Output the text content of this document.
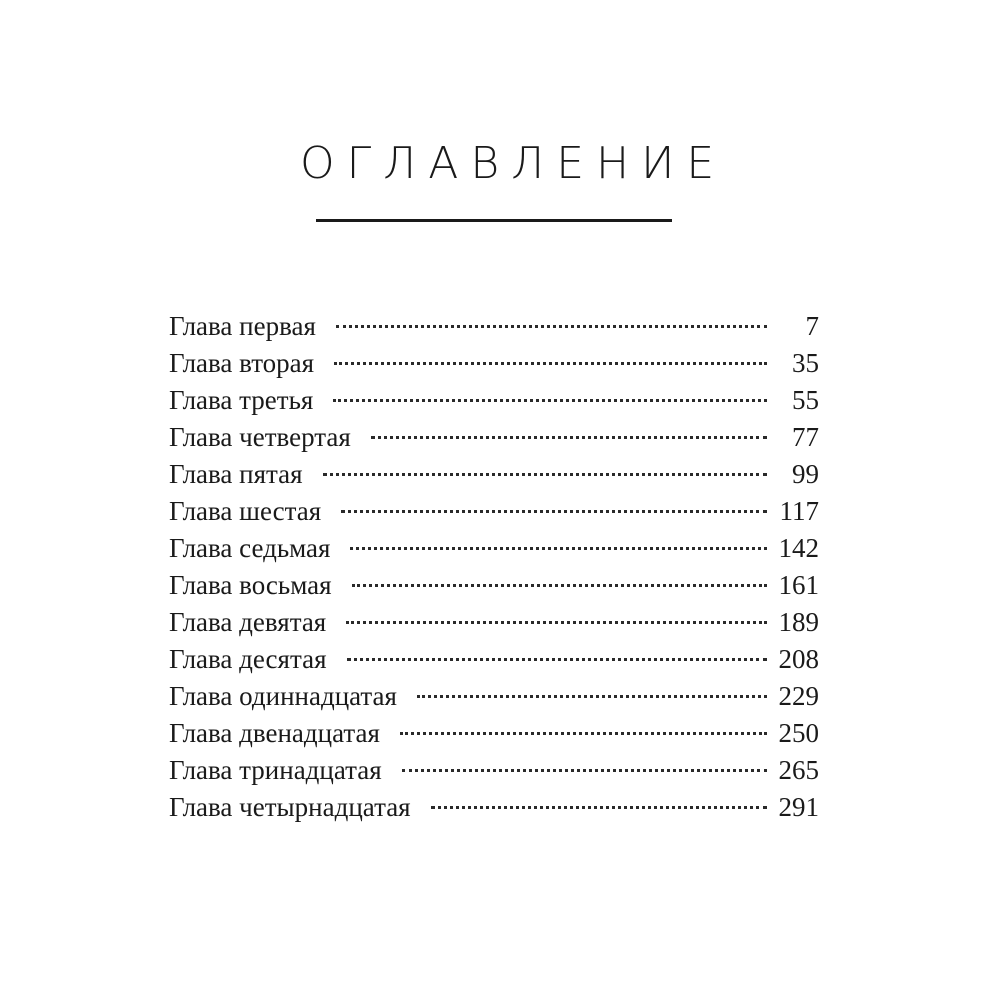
ОГЛАВЛЕНИЕ
Глава первая	7
Глава вторая	35
Глава третья	55
Глава четвертая	77
Глава пятая	99
Глава шестая	117
Глава седьмая	142
Глава восьмая	161
Глава девятая	189
Глава десятая	208
Глава одиннадцатая	229
Глава двенадцатая	250
Глава тринадцатая	265
Глава четырнадцатая	291
